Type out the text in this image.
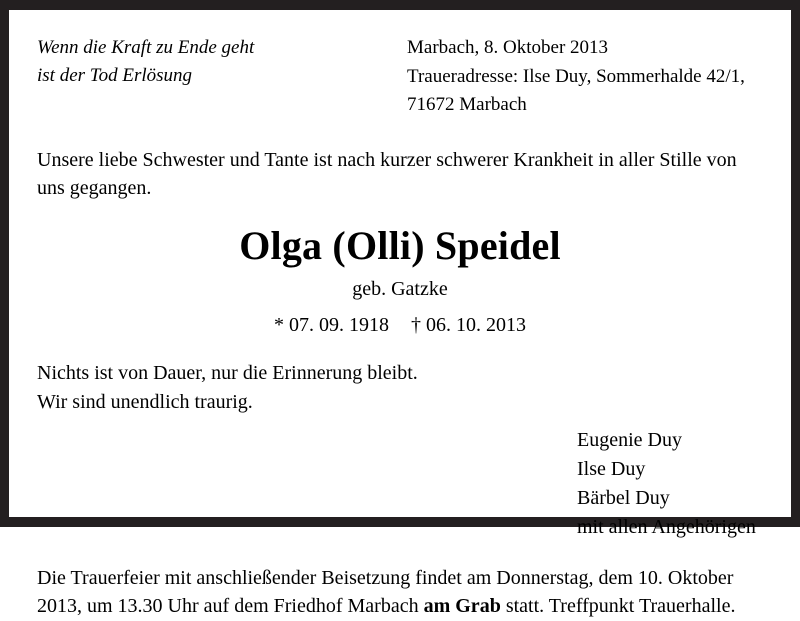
Wenn die Kraft zu Ende geht
ist der Tod Erlösung
Marbach, 8. Oktober 2013
Traueradresse: Ilse Duy, Sommerhalde 42/1,
71672 Marbach
Unsere liebe Schwester und Tante ist nach kurzer schwerer Krankheit in aller Stille von
uns gegangen.
Olga (Olli) Speidel
geb. Gatzke
* 07. 09. 1918 † 06. 10. 2013
Nichts ist von Dauer, nur die Erinnerung bleibt.
Wir sind unendlich traurig.
Eugenie Duy
Ilse Duy
Bärbel Duy
mit allen Angehörigen
Die Trauerfeier mit anschließender Beisetzung findet am Donnerstag, dem 10. Oktober
2013, um 13.30 Uhr auf dem Friedhof Marbach am Grab statt. Treffpunkt Trauerhalle.
